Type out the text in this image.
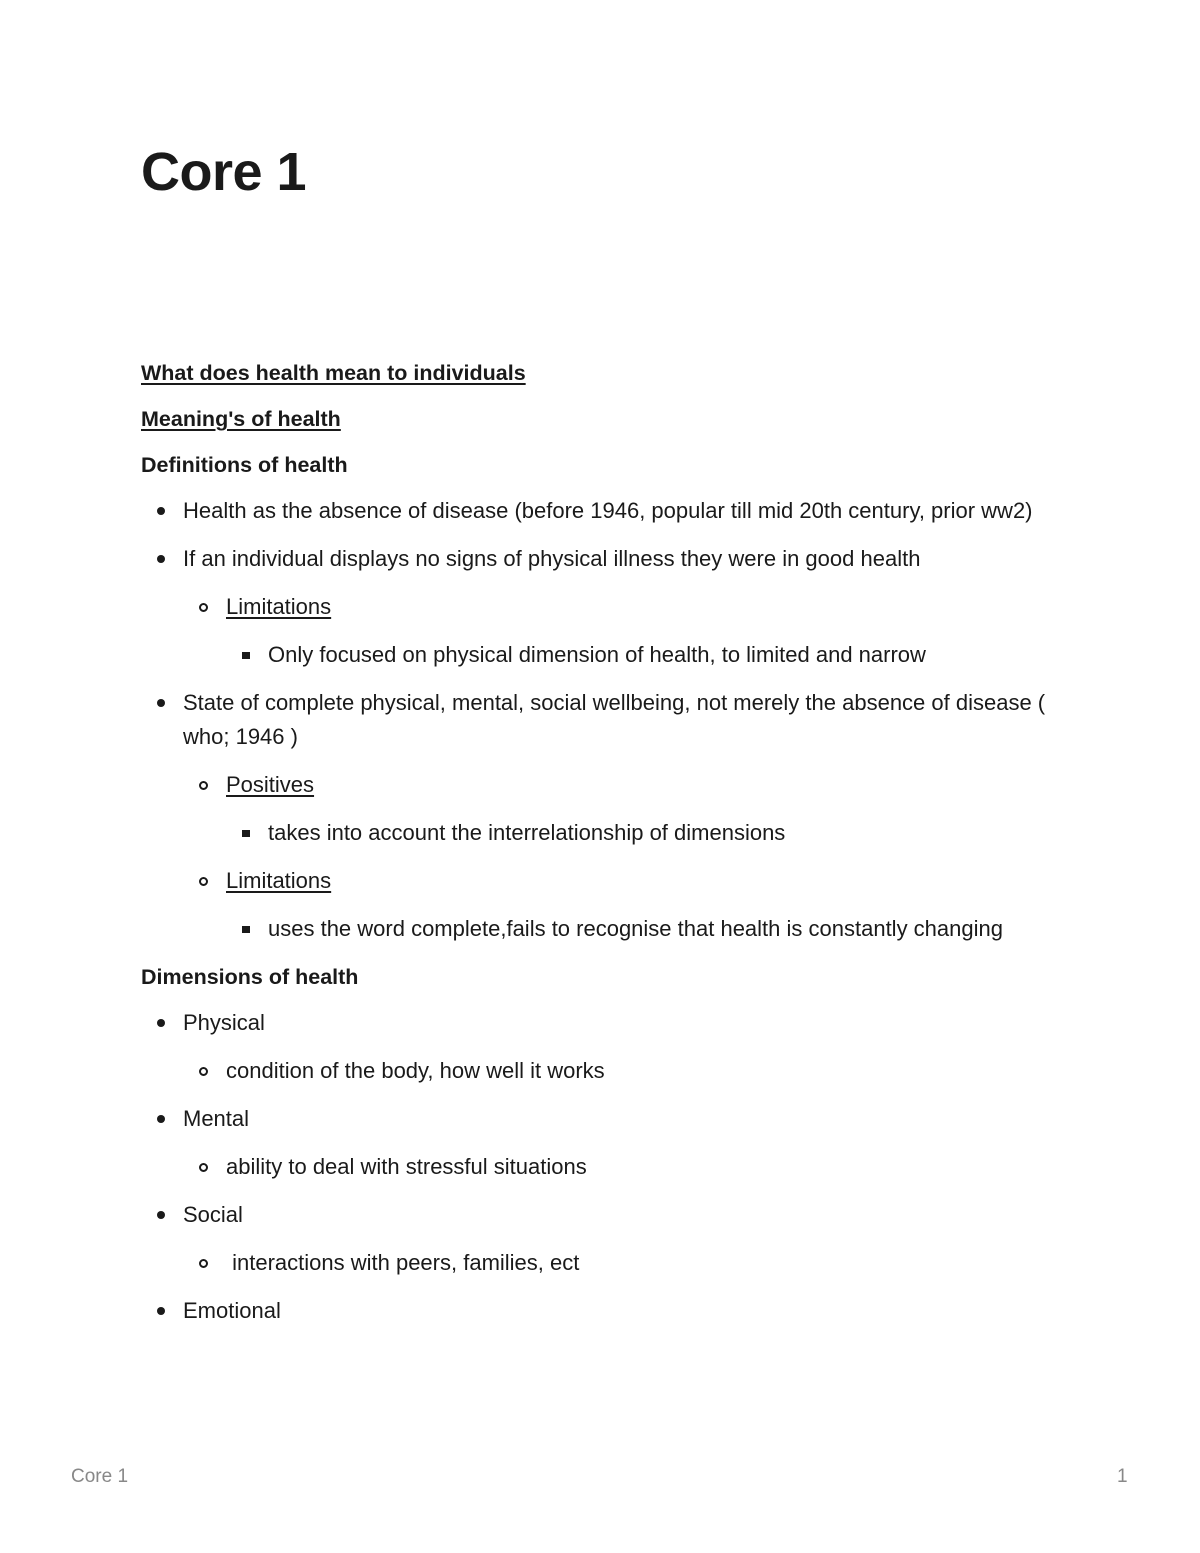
Core 1
What does health mean to individuals
Meaning's of health
Definitions of health
Health as the absence of disease (before 1946, popular till mid 20th century, prior ww2)
If an individual displays no signs of physical illness they were in good health
Limitations
Only focused on physical dimension of health, to limited and narrow
State of complete physical, mental, social wellbeing, not merely the absence of disease ( who; 1946 )
Positives
takes into account the interrelationship of dimensions
Limitations
uses the word complete,fails to recognise that health is constantly changing
Dimensions of health
Physical
condition of the body, how well it works
Mental
ability to deal with stressful situations
Social
interactions with peers, families, ect
Emotional
Core 1	1
